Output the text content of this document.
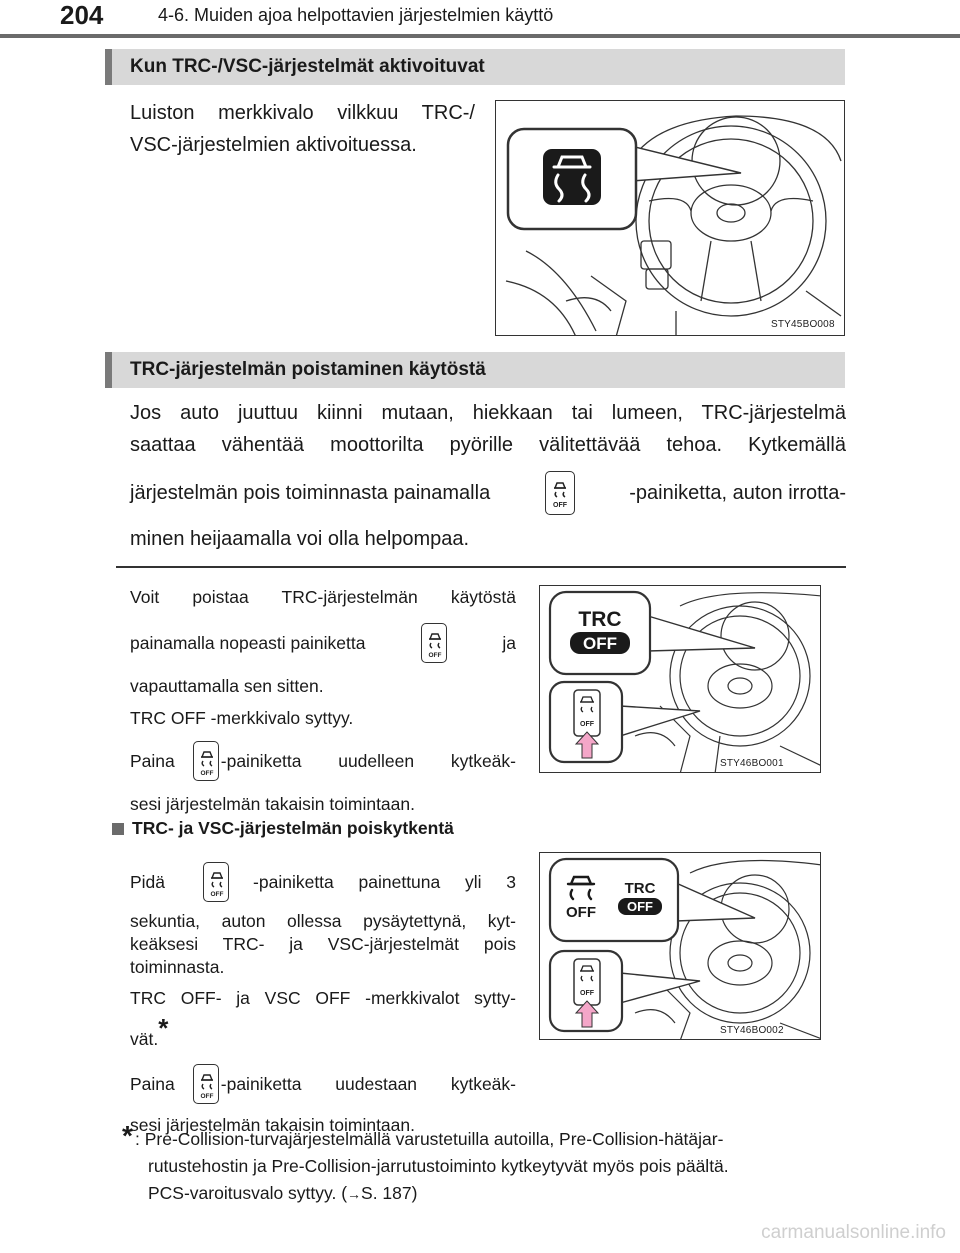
204	4-6. Muiden ajoa helpottavien järjestelmien käyttö
Kun TRC-/VSC-järjestelmät aktivoituvat
Luiston merkkivalo vilkkuu TRC-/
VSC-järjestelmien aktivoituessa.
STY45BO008
TRC-järjestelmän poistaminen käytöstä
Jos auto juuttuu kiinni mutaan, hiekkaan tai lumeen, TRC-järjestelmä
saattaa vähentää moottorilta pyörille välitettävää tehoa. Kytkemällä
järjestelmän pois toiminnasta painamalla
OFF
-painiketta, auton irrotta-
minen heijaamalla voi olla helpompaa.
Voit poistaa TRC-järjestelmän käytöstä
painamalla nopeasti painiketta
OFF
ja
vapauttamalla sen sitten.
TRC OFF -merkkivalo syttyy.
Paina
OFF
-painiketta uudelleen kytkeäk-
sesi järjestelmän takaisin toimintaan.
TRC
OFF
OFF
STY46BO001
TRC- ja VSC-järjestelmän poiskytkentä
Pidä
OFF
-painiketta painettuna yli 3
sekuntia, auton ollessa pysäytettynä, kyt-
keäksesi TRC- ja VSC-järjestelmät pois
toiminnasta.
TRC OFF- ja VSC OFF -merkkivalot sytty-
vät.*
Paina
OFF
-painiketta uudestaan kytkeäk-
sesi järjestelmän takaisin toimintaan.
OFF
TRC
OFF
OFF
STY46BO002
* : Pre-Collision-turvajärjestelmällä varustetuilla autoilla, Pre-Collision-hätäjar-
rutustehostin ja Pre-Collision-jarrutustoiminto kytkeytyvät myös pois päältä.
PCS-varoitusvalo syttyy. (→S. 187)
carmanualsonline.info
